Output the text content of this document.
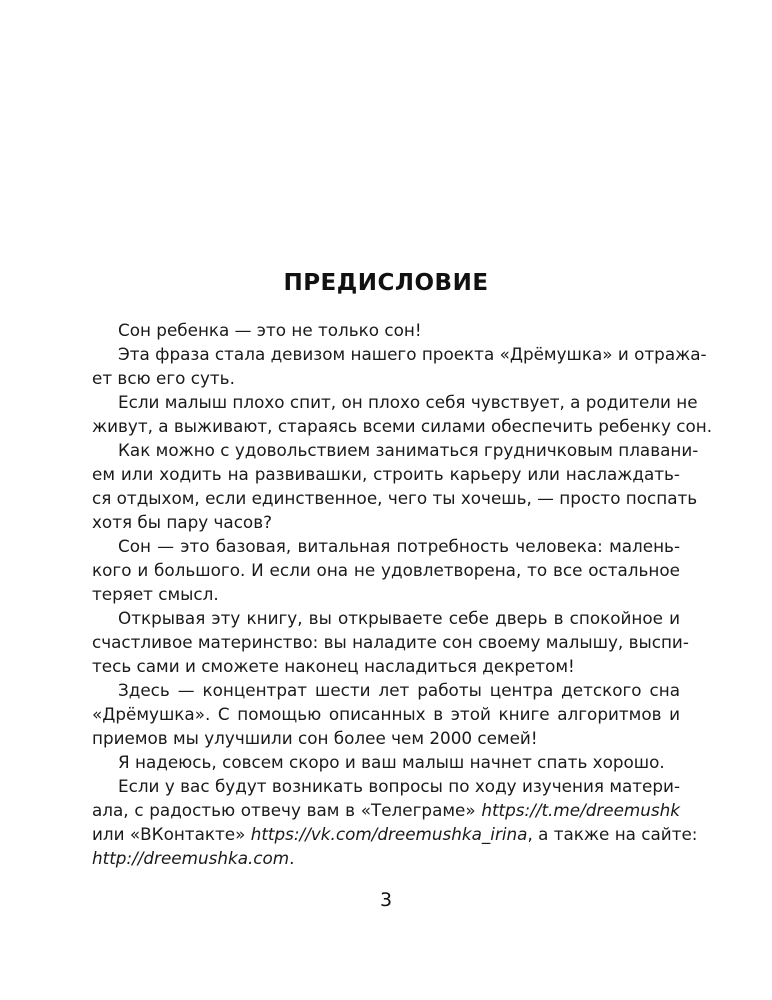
ПРЕДИСЛОВИЕ
Сон ребенка — это не только сон!
Эта фраза стала девизом нашего проекта «Дрёмушка» и отража-
ет всю его суть.
Если малыш плохо спит, он плохо себя чувствует, а родители не
живут, а выживают, стараясь всеми силами обеспечить ребенку сон.
Как можно с удовольствием заниматься грудничковым плавани-
ем или ходить на развивашки, строить карьеру или наслаждать-
ся отдыхом, если единственное, чего ты хочешь, — просто поспать
хотя бы пару часов?
Сон — это базовая, витальная потребность человека: малень-
кого и большого. И если она не удовлетворена, то все остальное
теряет смысл.
Открывая эту книгу, вы открываете себе дверь в спокойное и
счастливое материнство: вы наладите сон своему малышу, выспи-
тесь сами и сможете наконец насладиться декретом!
Здесь — концентрат шести лет работы центра детского сна
«Дрёмушка». С помощью описанных в этой книге алгоритмов и
приемов мы улучшили сон более чем 2000 семей!
Я надеюсь, совсем скоро и ваш малыш начнет спать хорошо.
Если у вас будут возникать вопросы по ходу изучения матери-
ала, с радостью отвечу вам в «Телеграме» https://t.me/dreemushk
или «ВКонтакте» https://vk.com/dreemushka_irina, а также на сайте:
http://dreemushka.com.
3
